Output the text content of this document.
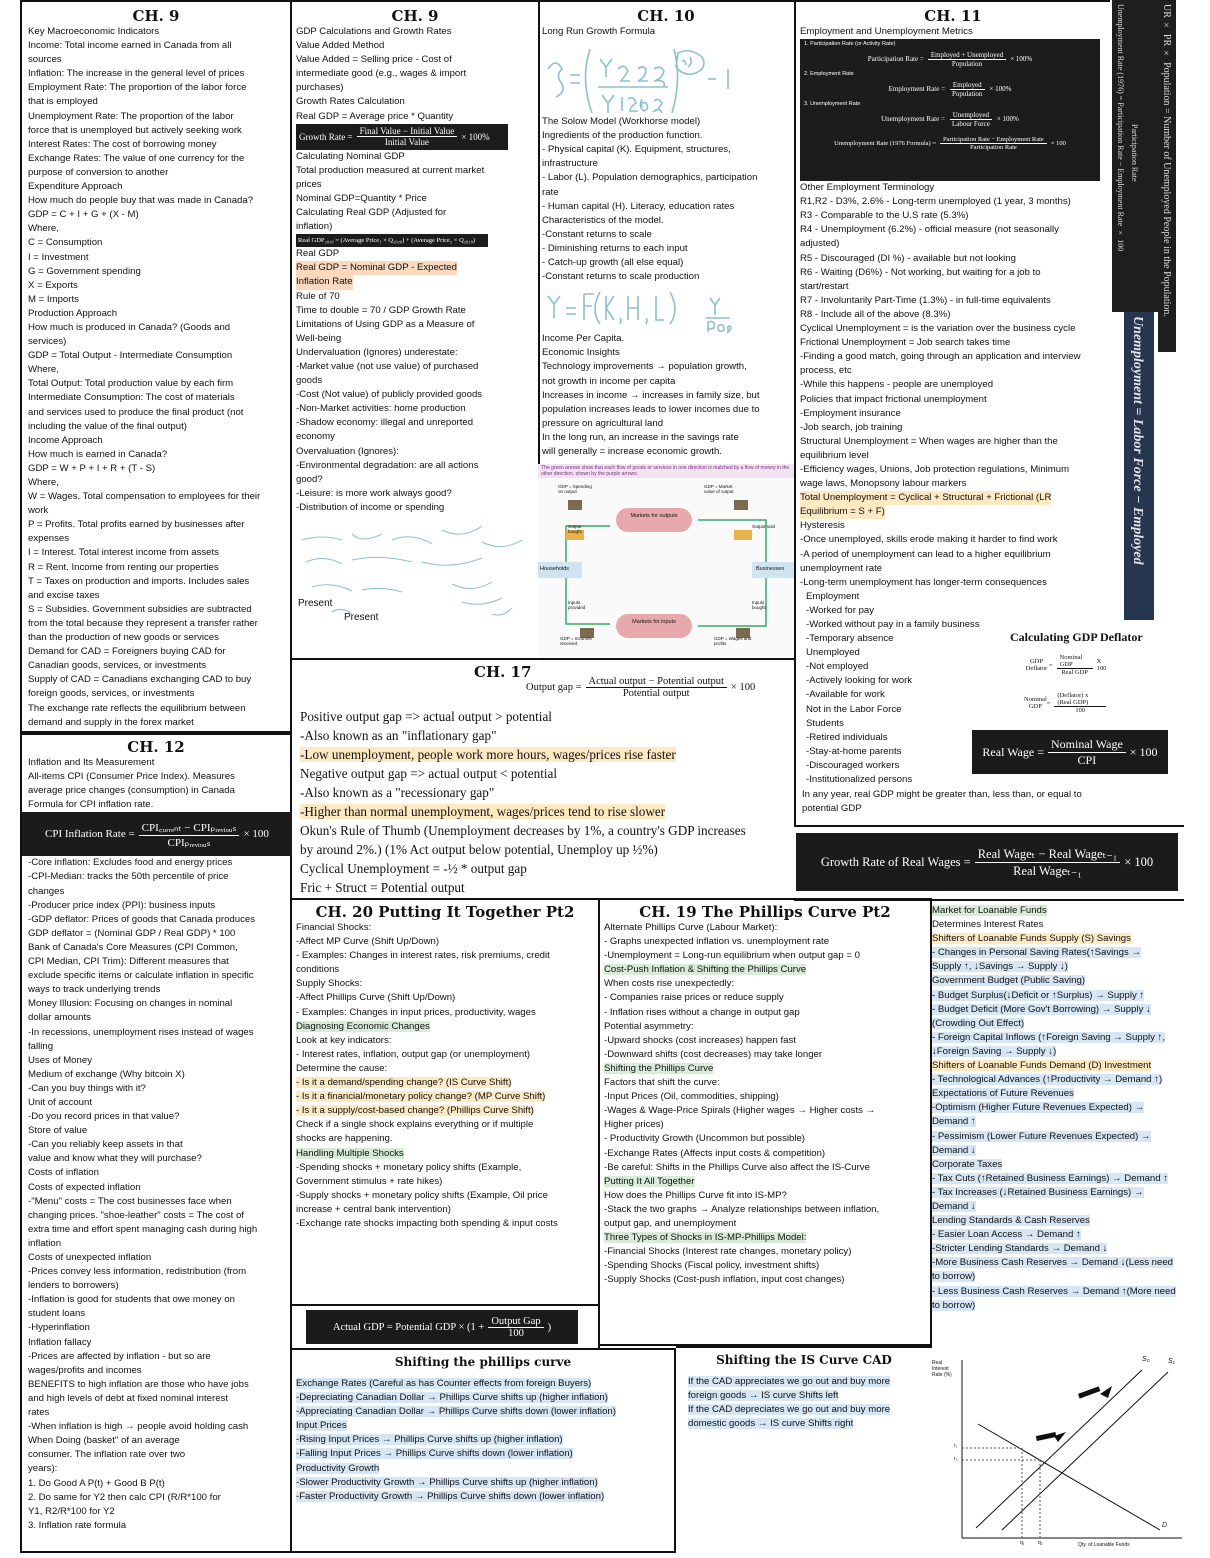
CH. 9
Key Macroeconomic Indicators
Income: Total income earned in Canada from all
sources
Inflation: The increase in the general level of prices
Employment Rate: The proportion of the labor force
that is employed
Unemployment Rate: The proportion of the labor
force that is unemployed but actively seeking work
Interest Rates: The cost of borrowing money
Exchange Rates: The value of one currency for the
purpose of conversion to another
Expenditure Approach
How much do people buy that was made in Canada?
GDP = C + I + G + (X - M)
Where,
C = Consumption
I = Investment
G = Government spending
X = Exports
M = Imports
Production Approach
How much is produced in Canada? (Goods and
services)
GDP = Total Output - Intermediate Consumption
Where,
Total Output: Total production value by each firm
Intermediate Consumption: The cost of materials
and services used to produce the final product (not
including the value of the final output)
Income Approach
How much is earned in Canada?
GDP = W + P + I + R + (T - S)
Where,
W = Wages. Total compensation to employees for their
work
P = Profits. Total profits earned by businesses after
expenses
I = Interest. Total interest income from assets
R = Rent. Income from renting our properties
T = Taxes on production and imports. Includes sales
and excise taxes
S = Subsidies. Government subsidies are subtracted
from the total because they represent a transfer rather
than the production of new goods or services
Demand for CAD = Foreigners buying CAD for
Canadian goods, services, or investments
Supply of CAD = Canadians exchanging CAD to buy
foreign goods, services, or investments
The exchange rate reflects the equilibrium between
demand and supply in the forex market
CH. 9
GDP Calculations and Growth Rates
Value Added Method
Value Added = Selling price - Cost of
intermediate good (e.g., wages & import
purchases)
Growth Rates Calculation
Real GDP = Average price * Quantity
Growth Rate = $\frac{\text{Final Value − Initial Value}}{\text{Initial Value}} \times 100\%$
Calculating Nominal GDP
Total production measured at current market
prices
Nominal GDP=Quantity * Price
Calculating Real GDP (Adjusted for
inflation)
Real GDP₂₀₂₀ = (Average Price₁ × Q₂₀₂₀) + (Average Price₂ × Q₂₀₂₀)
Real GDP
Real GDP = Nominal GDP - Expected
Inflation Rate
Rule of 70
Time to double = 70 / GDP Growth Rate
Limitations of Using GDP as a Measure of
Well-being
Undervaluation (Ignores) underestate:
-Market value (not use value) of purchased
goods
-Cost (Not value) of publicly provided goods
-Non-Market activities: home production
-Shadow economy: illegal and unreported
economy
Overvaluation (Ignores):
-Environmental degradation: are all actions
good?
-Leisure: is more work always good?
-Distribution of income or spending
Present
Present
CH. 10
Long Run Growth Formula
The Solow Model (Workhorse model)
Ingredients of the production function.
- Physical capital (K). Equipment, structures,
infrastructure
- Labor (L). Population demographics, participation
rate
- Human capital (H). Literacy, education rates
Characteristics of the model.
-Constant returns to scale
- Diminishing returns to each input
- Catch-up growth (all else equal)
-Constant returns to scale production
Income Per Capita.
Economic Insights
Technology improvements → population growth,
not growth in income per capita
Increases in income → increases in family size, but
population increases leads to lower incomes due to
pressure on agricultural land
In the long run, an increase in the savings rate
will generally = increase economic growth.
The green arrows show that each flow of goods or services in one direction is matched by a flow of money in the other direction, shown by the purple arrows.
Markets for outputs
Markets for inputs
Households	Businesses
GDP = Spending on output
GDP = Market value of output
Output bought
Output sold
Inputs provided
Inputs bought
GDP = Incomes received
GDP = Wages and profits
CH. 11
Employment and Unemployment Metrics
1. Participation Rate (or Activity Rate)
Participation Rate = $\frac{\text{Employed + Unemployed}}{\text{Population}} \times 100\%$
2. Employment Rate
Employment Rate = $\frac{\text{Employed}}{\text{Population}} \times 100\%$
3. Unemployment Rate
Unemployment Rate = $\frac{\text{Unemployed}}{\text{Labour Force}} \times 100\%$
Unemployment Rate (1976 Formula) = $\frac{\text{Participation Rate − Employment Rate}}{\text{Participation Rate}} \times 100$
Other Employment Terminology
R1,R2 - D3%, 2.6% - Long-term unemployed (1 year, 3 months)
R3 - Comparable to the U.S rate (5.3%)
R4 - Unemployment (6.2%) - official measure (not seasonally
adjusted)
R5 - Discouraged (DI %) - available but not looking
R6 - Waiting (D6%) - Not working, but waiting for a job to
start/restart
R7 - Involuntarily Part-Time (1.3%) - in full-time equivalents
R8 - Include all of the above (8.3%)
Cyclical Unemployment = is the variation over the business cycle
Frictional Unemployment = Job search takes time
-Finding a good match, going through an application and interview
process, etc
-While this happens - people are unemployed
Policies that impact frictional unemployment
-Employment insurance
-Job search, job training
Structural Unemployment = When wages are higher than the
equilibrium level
-Efficiency wages, Unions, Job protection regulations, Minimum
wage laws, Monopsony labour markers
Total Unemployment = Cyclical + Structural + Frictional (LR
Equilibrium = S + F)
Hysteresis
-Once unemployed, skills erode making it harder to find work
-A period of unemployment can lead to a higher equilibrium
unemployment rate
-Long-term unemployment has longer-term consequences
Employment
-Worked for pay
-Worked without pay in a family business
-Temporary absence
Unemployed
-Not employed
-Actively looking for work
-Available for work
Not in the Labor Force
Students
-Retired individuals
-Stay-at-home parents
-Discouraged workers
-Institutionalized persons
In any year, real GDP might be greater than, less than, or equal to
potential GDP
Calculating GDP Deflator
GDP Deflator = $\frac{\text{Nominal GDP}}{\text{Real GDP}}$ X 100
Nominal GDP = $\frac{\text{(Deflator) x (Real GDP)}}{100}$
Real Wage = $\frac{\text{Nominal Wage}}{\text{CPI}} \times 100$
Unemployment Rate (1976) = Participation Rate − Employment Rate × 100 Participation Rate UR × PR × Population = Number of Unemployed People in the Population.
Unemployment = Labor Force − Employed
CH. 12
Inflation and Its Measurement
All-items CPI (Consumer Price Index). Measures
average price changes (consumption) in Canada
Formula for CPI inflation rate.
CPI Inflation Rate = $\frac{\text{CPI꜀ᵤᵣᵣₑₙₜ − CPIₚᵣₑᵥᵢₒᵤₛ}}{\text{CPIₚᵣₑᵥᵢₒᵤₛ}} \times 100$
-Core inflation: Excludes food and energy prices
-CPI-Median: tracks the 50th percentile of price
changes
-Producer price index (PPI): business inputs
-GDP deflator: Prices of goods that Canada produces
GDP deflator = (Nominal GDP / Real GDP) * 100
Bank of Canada's Core Measures (CPI Common,
CPI Median, CPI Trim): Different measures that
exclude specific items or calculate inflation in specific
ways to track underlying trends
Money Illusion: Focusing on changes in nominal
dollar amounts
-In recessions, unemployment rises instead of wages
falling
Uses of Money
Medium of exchange (Why bitcoin X)
-Can you buy things with it?
Unit of account
-Do you record prices in that value?
Store of value
-Can you reliably keep assets in that
value and know what they will purchase?
Costs of inflation
Costs of expected inflation
-"Menu" costs = The cost businesses face when
changing prices. "shoe-leather" costs = The cost of
extra time and effort spent managing cash during high
inflation
Costs of unexpected inflation
-Prices convey less information, redistribution (from
lenders to borrowers)
-Inflation is good for students that owe money on
student loans
-Hyperinflation
Inflation fallacy
-Prices are affected by inflation - but so are
wages/profits and incomes
BENEFITS to high inflation are those who have jobs
and high levels of debt at fixed nominal interest
rates
-When inflation is high → people avoid holding cash
When Doing (basket" of an average
consumer. The inflation rate over two
years):
1. Do Good A P(t) + Good B P(t)
2. Do same for Y2 then calc CPI (R/R*100 for
Y1, R2/R*100 for Y2
3. Inflation rate formula
CH. 17
Output gap = $\frac{\text{Actual output − Potential output}}{\text{Potential output}} \times 100$
Positive output gap => actual output > potential
-Also known as an "inflationary gap"
-Low unemployment, people work more hours, wages/prices rise faster
Negative output gap => actual output < potential
-Also known as a "recessionary gap"
-Higher than normal unemployment, wages/prices tend to rise slower
Okun's Rule of Thumb (Unemployment decreases by 1%, a country's GDP increases
by around 2%.) (1% Act output below potential, Unemploy up ½%)
Cyclical Unemployment = -½ * output gap
Fric + Struct = Potential output
CH. 20 Putting It Together Pt2
Financial Shocks:
-Affect MP Curve (Shift Up/Down)
- Examples: Changes in interest rates, risk premiums, credit
conditions
Supply Shocks:
-Affect Phillips Curve (Shift Up/Down)
- Examples: Changes in input prices, productivity, wages
Diagnosing Economic Changes
Look at key indicators:
- Interest rates, inflation, output gap (or unemployment)
Determine the cause:
- Is it a demand/spending change? (IS Curve Shift)
- Is it a financial/monetary policy change? (MP Curve Shift)
- Is it a supply/cost-based change? (Phillips Curve Shift)
Check if a single shock explains everything or if multiple
shocks are happening.
Handling Multiple Shocks
-Spending shocks + monetary policy shifts (Example,
Government stimulus + rate hikes)
-Supply shocks + monetary policy shifts (Example, Oil price
increase + central bank intervention)
-Exchange rate shocks impacting both spending & input costs
Actual GDP = Potential GDP × ($1 + \frac{\text{Output Gap}}{100}$ )
CH. 19 The Phillips Curve Pt2
Alternate Phillips Curve (Labour Market):
- Graphs unexpected inflation vs. unemployment rate
-Unemployment = Long-run equilibrium when output gap = 0
Cost-Push Inflation & Shifting the Phillips Curve
When costs rise unexpectedly:
- Companies raise prices or reduce supply
- Inflation rises without a change in output gap
Potential asymmetry:
-Upward shocks (cost increases) happen fast
-Downward shifts (cost decreases) may take longer
Shifting the Phillips Curve
Factors that shift the curve:
-Input Prices (Oil, commodities, shipping)
-Wages & Wage-Price Spirals (Higher wages → Higher costs →
Higher prices)
- Productivity Growth (Uncommon but possible)
-Exchange Rates (Affects input costs & competition)
-Be careful: Shifts in the Phillips Curve also affect the IS-Curve
Putting It All Together
How does the Phillips Curve fit into IS-MP?
-Stack the two graphs → Analyze relationships between inflation,
output gap, and unemployment
Three Types of Shocks in IS-MP-Phillips Model:
-Financial Shocks (Interest rate changes, monetary policy)
-Spending Shocks (Fiscal policy, investment shifts)
-Supply Shocks (Cost-push inflation, input cost changes)
Growth Rate of Real Wages = $\frac{\text{Real Wageₜ − Real Wageₜ₋₁}}{\text{Real Wageₜ₋₁}} \times 100$
Market for Loanable Funds
Determines Interest Rates
Shifters of Loanable Funds Supply (S) Savings
- Changes in Personal Saving Rates(↑Savings →
Supply ↑, ↓Savings → Supply ↓)
Government Budget (Public Saving)
- Budget Surplus(↓Deficit or ↑Surplus) → Supply ↑
- Budget Deficit (More Gov't Borrowing) → Supply ↓
(Crowding Out Effect)
- Foreign Capital Inflows (↑Foreign Saving → Supply ↑,
↓Foreign Saving → Supply ↓)
Shifters of Loanable Funds Demand (D) Investment
- Technological Advances (↑Productivity → Demand ↑)
Expectations of Future Revenues
-Optimism (Higher Future Revenues Expected) →
Demand ↑
- Pessimism (Lower Future Revenues Expected) →
Demand ↓
Corporate Taxes
- Tax Cuts (↑Retained Business Earnings) → Demand ↑
- Tax Increases (↓Retained Business Earnings) →
Demand ↓
Lending Standards & Cash Reserves
- Easier Loan Access → Demand ↑
-Stricter Lending Standards → Demand ↓
-More Business Cash Reserves → Demand ↓(Less need
to borrow)
- Less Business Cash Reserves → Demand ↑(More need
to borrow)
Shifting the phillips curve
Exchange Rates (Careful as has Counter effects from foreign Buyers)
-Depreciating Canadian Dollar → Phillips Curve shifts up (higher inflation)
-Appreciating Canadian Dollar → Phillips Curve shifts down (lower inflation)
Input Prices
-Rising Input Prices → Phillips Curve shifts up (higher inflation)
-Falling Input Prices → Phillips Curve shifts down (lower inflation)
Productivity Growth
-Slower Productivity Growth → Phillips Curve shifts up (higher inflation)
-Faster Productivity Growth → Phillips Curve shifts down (lower inflation)
Shifting the IS Curve CAD
If the CAD appreciates we go out and buy more
foreign goods → IS curve Shifts left
If the CAD depreciates we go out and buy more
domestic goods → IS curve Shifts right
Real Interest Rate (%)
Qty. of Loanable Funds
S₀	S₁
D
r₁
r₂
q₁	q₂
